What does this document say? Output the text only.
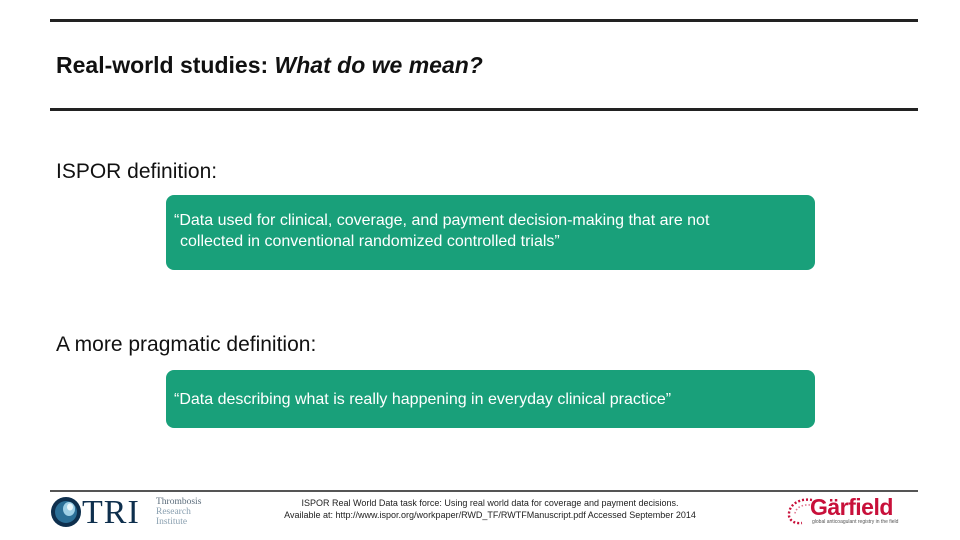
Real-world studies: What do we mean?
ISPOR definition:
“Data used for clinical, coverage, and payment decision-making that are not
collected in conventional randomized controlled trials”
A more pragmatic definition:
“Data describing what is really happening in everyday clinical practice”
TRI Thrombosis
Research
Institute
ISPOR Real World Data task force: Using real world data for coverage and payment decisions.
Available at: http://www.ispor.org/workpaper/RWD_TF/RWTFManuscript.pdf Accessed September 2014	Gärfield
global anticoagulant registry in the field
